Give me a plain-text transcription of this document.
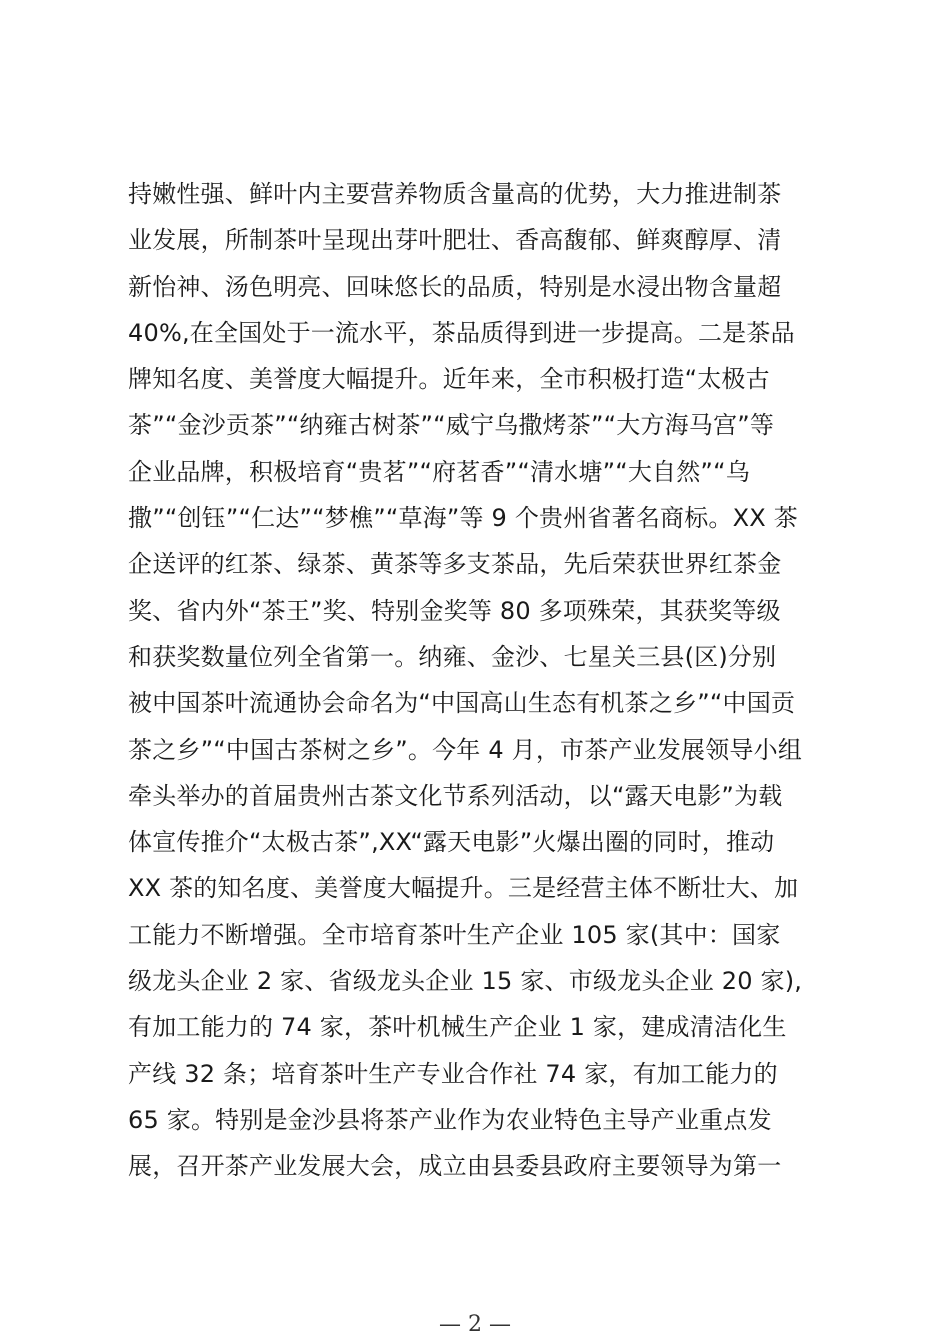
持嫩性强、鲜叶内主要营养物质含量高的优势，大力推进制茶
业发展，所制茶叶呈现出芽叶肥壮、香高馥郁、鲜爽醇厚、清
新怡神、汤色明亮、回味悠长的品质，特别是水浸出物含量超
40%,在全国处于一流水平，茶品质得到进一步提高。二是茶品
牌知名度、美誉度大幅提升。近年来，全市积极打造“太极古
茶”“金沙贡茶”“纳雍古树茶”“威宁乌撒烤茶”“大方海马宫”等
企业品牌，积极培育“贵茗”“府茗香”“清水塘”“大自然”“乌
撒”“创钰”“仁达”“梦樵”“草海”等 9 个贵州省著名商标。XX 茶
企送评的红茶、绿茶、黄茶等多支茶品，先后荣获世界红茶金
奖、省内外“茶王”奖、特别金奖等 80 多项殊荣，其获奖等级
和获奖数量位列全省第一。纳雍、金沙、七星关三县(区)分别
被中国茶叶流通协会命名为“中国高山生态有机茶之乡”“中国贡
茶之乡”“中国古茶树之乡”。今年 4 月，市茶产业发展领导小组
牵头举办的首届贵州古茶文化节系列活动，以“露天电影”为载
体宣传推介“太极古茶”,XX“露天电影”火爆出圈的同时，推动
XX 茶的知名度、美誉度大幅提升。三是经营主体不断壮大、加
工能力不断增强。全市培育茶叶生产企业 105 家(其中：国家
级龙头企业 2 家、省级龙头企业 15 家、市级龙头企业 20 家),
有加工能力的 74 家，茶叶机械生产企业 1 家，建成清洁化生
产线 32 条；培育茶叶生产专业合作社 74 家，有加工能力的
65 家。特别是金沙县将茶产业作为农业特色主导产业重点发
展，召开茶产业发展大会，成立由县委县政府主要领导为第一
— 2 —
